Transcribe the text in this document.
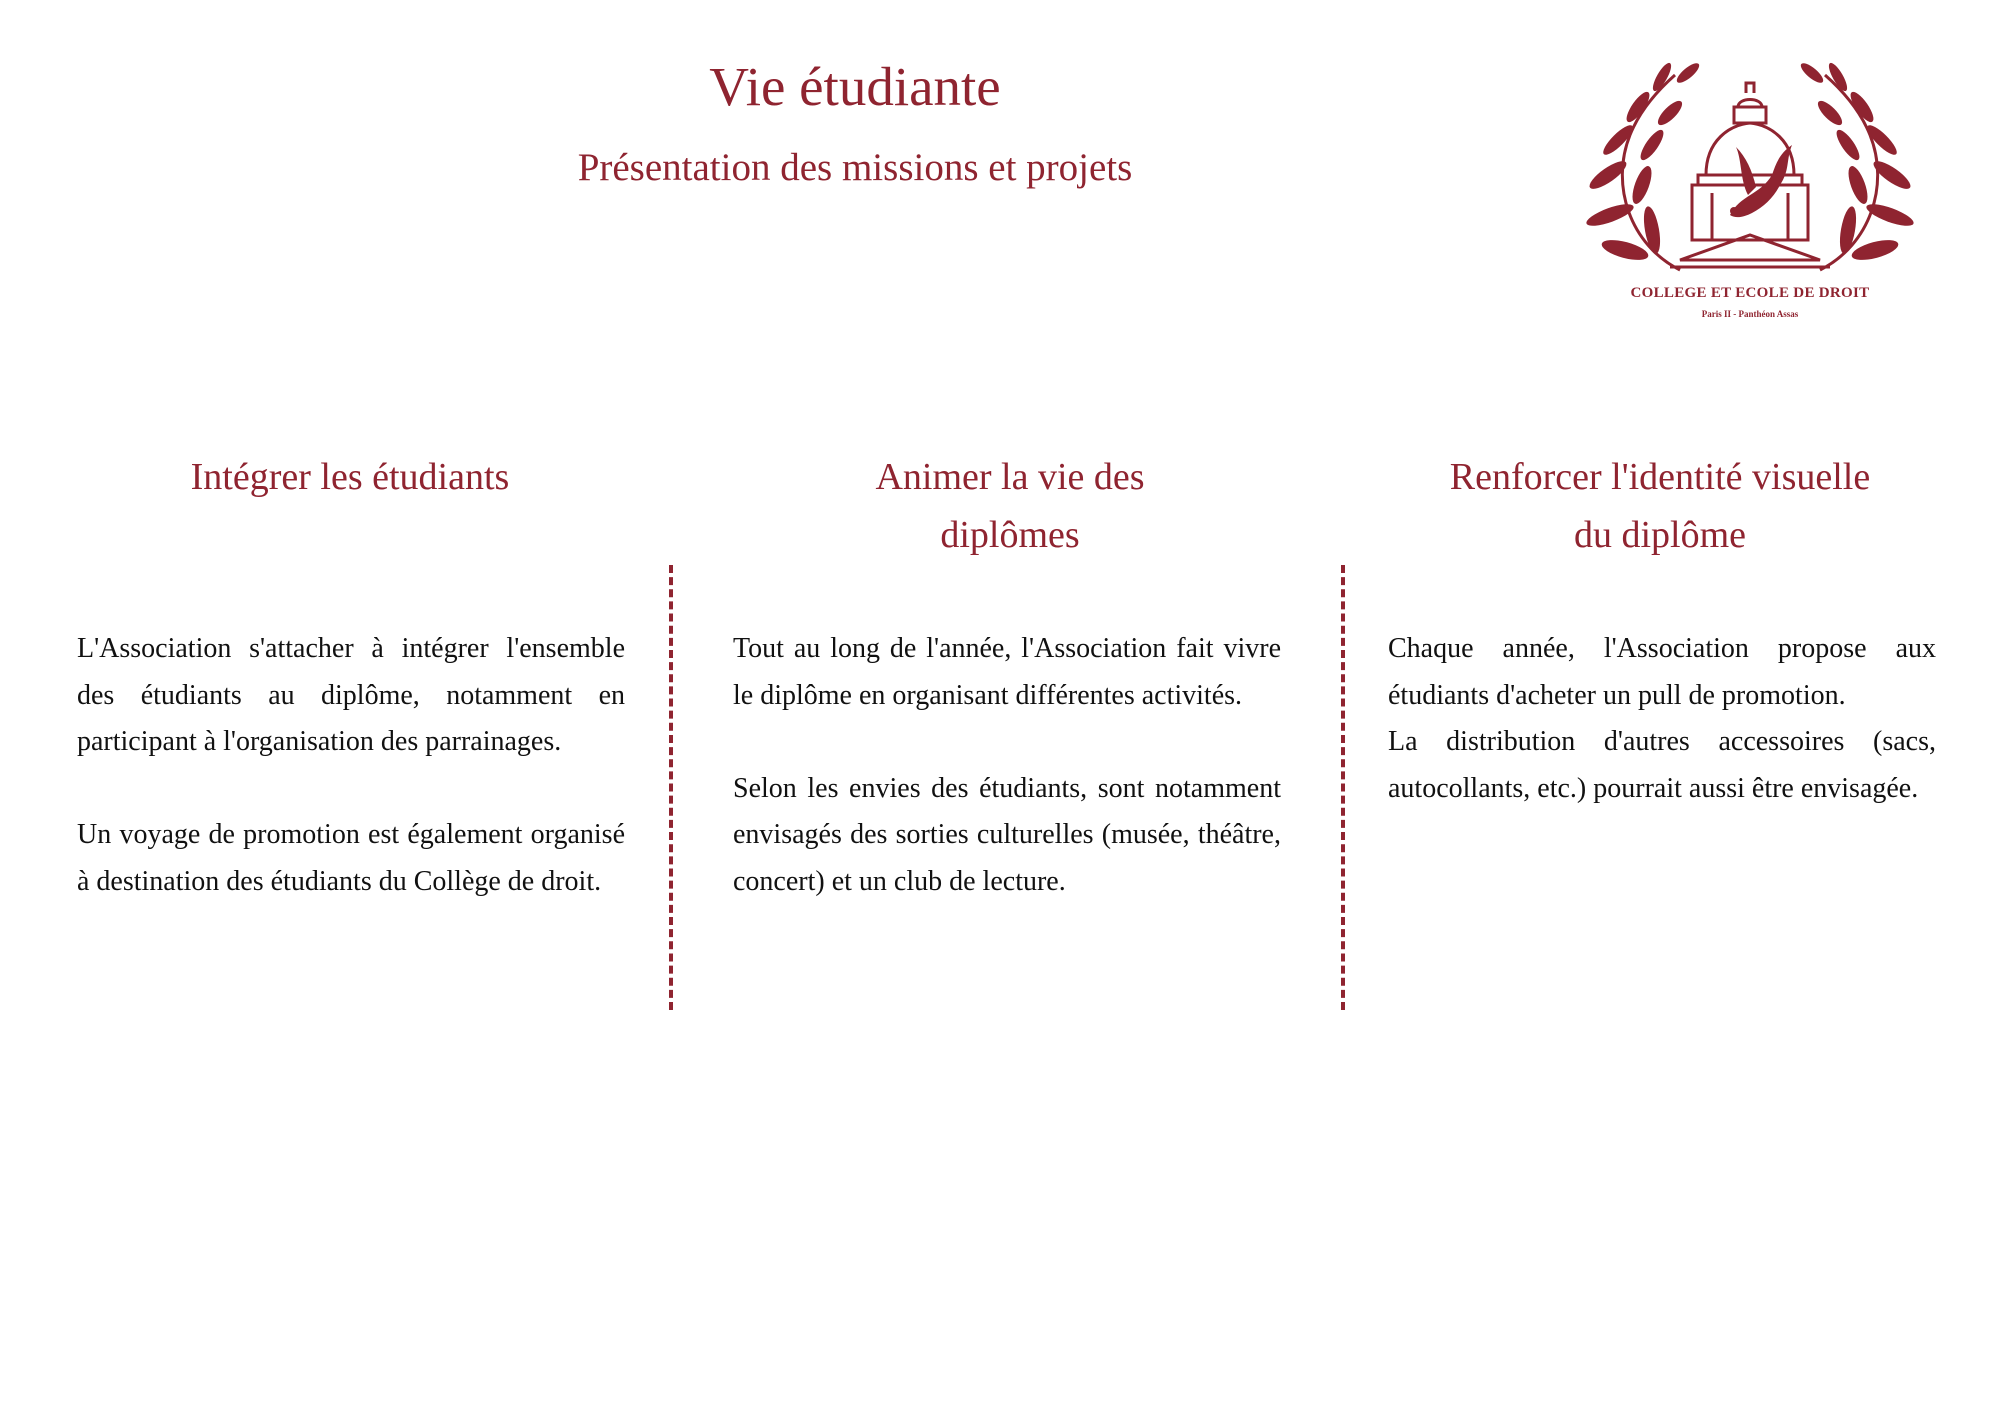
Vie étudiante
Présentation des missions et projets
COLLEGE ET ECOLE DE DROIT
Paris II - Panthéon Assas
Intégrer les étudiants

L'Association s'attacher à intégrer l'ensemble des étudiants au diplôme, notamment en participant à l'organisation des parrainages.

Un voyage de promotion est également organisé à destination des étudiants du Collège de droit.

Animer la vie des diplômes

Tout au long de l'année, l'Association fait vivre le diplôme en organisant différentes activités.

Selon les envies des étudiants, sont notamment envisagés des sorties culturelles (musée, théâtre, concert) et un club de lecture.

Renforcer l'identité visuelle du diplôme

Chaque année, l'Association propose aux étudiants d'acheter un pull de promotion.

La distribution d'autres accessoires (sacs, autocollants, etc.) pourrait aussi être envisagée.
